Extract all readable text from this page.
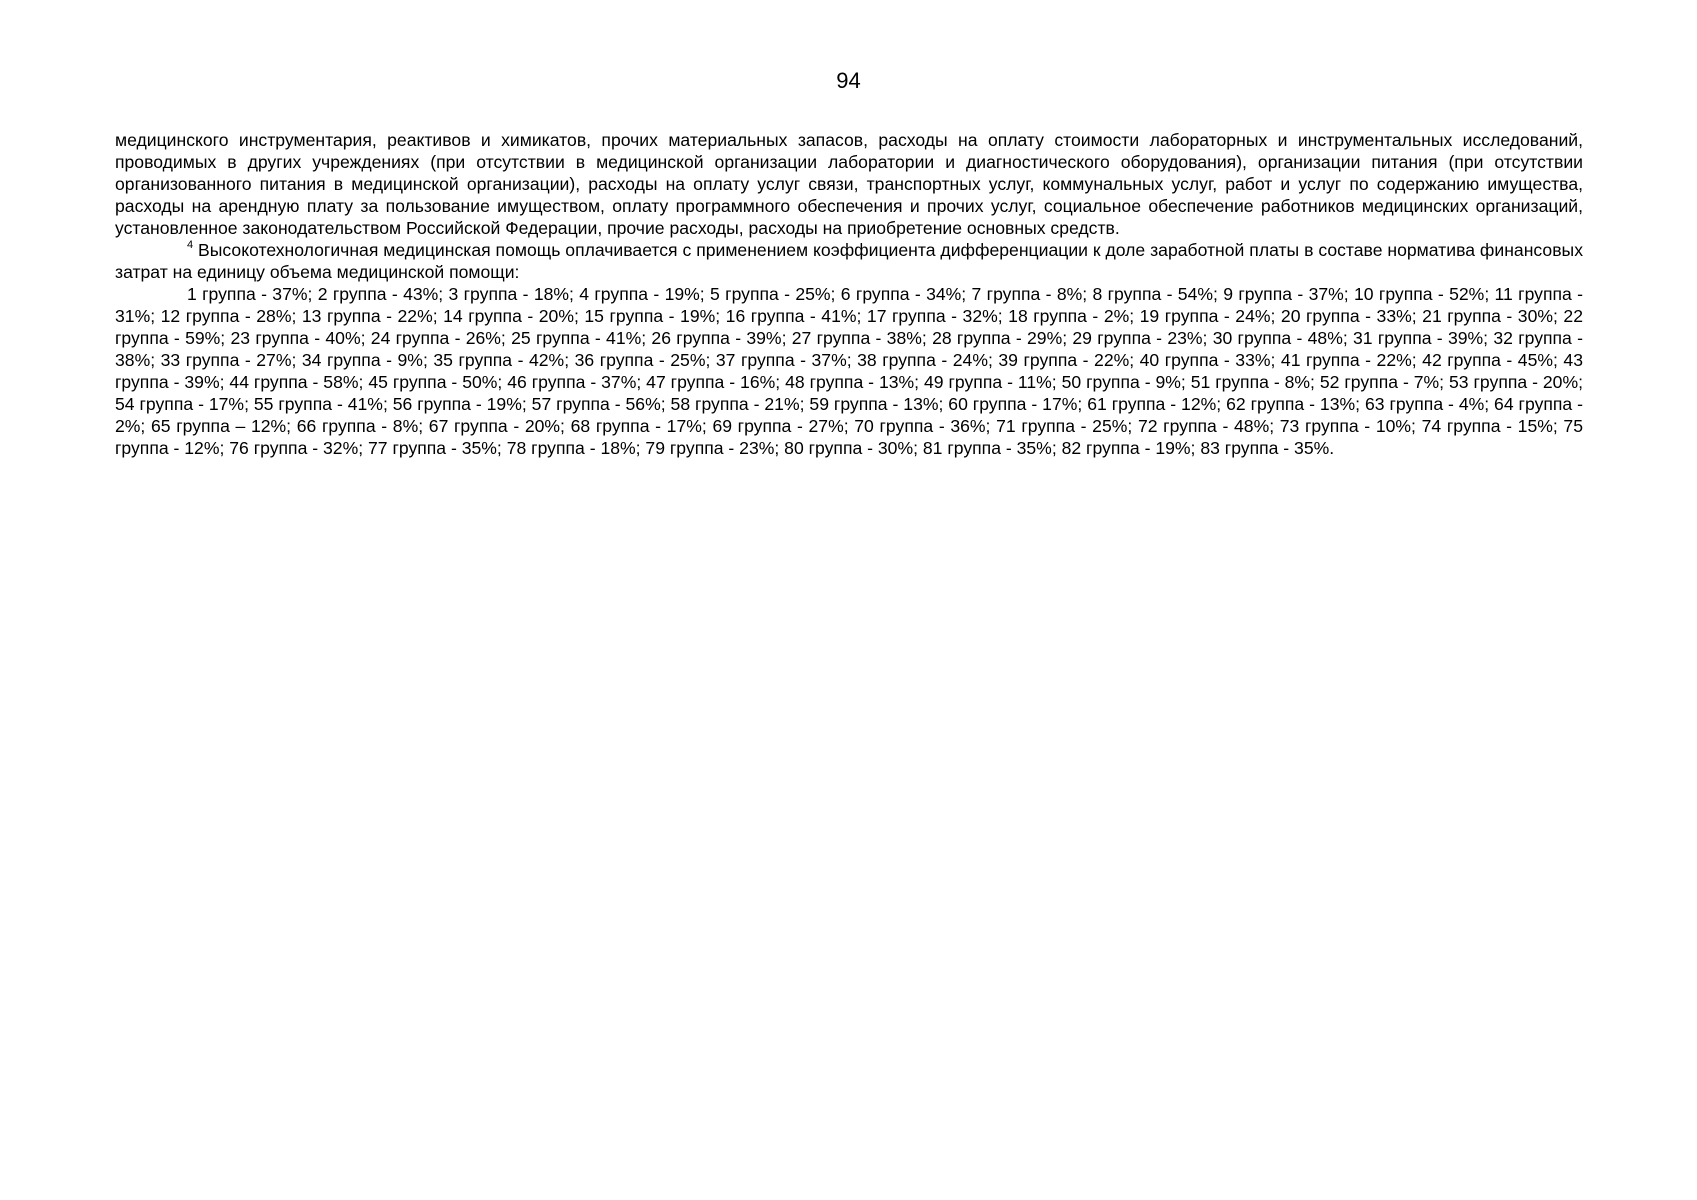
94

медицинского инструментария, реактивов и химикатов, прочих материальных запасов, расходы на оплату стоимости лабораторных и инструментальных исследований, проводимых в других учреждениях (при отсутствии в медицинской организации лаборатории и диагностического оборудования), организации питания (при отсутствии организованного питания в медицинской организации), расходы на оплату услуг связи, транспортных услуг, коммунальных услуг, работ и услуг по содержанию имущества, расходы на арендную плату за пользование имуществом, оплату программного обеспечения и прочих услуг, социальное обеспечение работников медицинских организаций, установленное законодательством Российской Федерации, прочие расходы, расходы на приобретение основных средств.

$^4$ Высокотехнологичная медицинская помощь оплачивается с применением коэффициента дифференциации к доле заработной платы в составе норматива финансовых затрат на единицу объема медицинской помощи:

1 группа - 37%; 2 группа - 43%; 3 группа - 18%; 4 группа - 19%; 5 группа - 25%; 6 группа - 34%; 7 группа - 8%; 8 группа - 54%; 9 группа - 37%; 10 группа - 52%; 11 группа - 31%; 12 группа - 28%; 13 группа - 22%; 14 группа - 20%; 15 группа - 19%; 16 группа - 41%; 17 группа - 32%; 18 группа - 2%; 19 группа - 24%; 20 группа - 33%; 21 группа - 30%; 22 группа - 59%; 23 группа - 40%; 24 группа - 26%; 25 группа - 41%; 26 группа - 39%; 27 группа - 38%; 28 группа - 29%; 29 группа - 23%; 30 группа - 48%; 31 группа - 39%; 32 группа - 38%; 33 группа - 27%; 34 группа - 9%; 35 группа - 42%; 36 группа - 25%; 37 группа - 37%; 38 группа - 24%; 39 группа - 22%; 40 группа - 33%; 41 группа - 22%; 42 группа - 45%; 43 группа - 39%; 44 группа - 58%; 45 группа - 50%; 46 группа - 37%; 47 группа - 16%; 48 группа - 13%; 49 группа - 11%; 50 группа - 9%; 51 группа - 8%; 52 группа - 7%; 53 группа - 20%; 54 группа - 17%; 55 группа - 41%; 56 группа - 19%; 57 группа - 56%; 58 группа - 21%; 59 группа - 13%; 60 группа - 17%; 61 группа - 12%; 62 группа - 13%; 63 группа - 4%; 64 группа - 2%; 65 группа – 12%; 66 группа - 8%; 67 группа - 20%; 68 группа - 17%; 69 группа - 27%; 70 группа - 36%; 71 группа - 25%; 72 группа - 48%; 73 группа - 10%; 74 группа - 15%; 75 группа - 12%; 76 группа - 32%; 77 группа - 35%; 78 группа - 18%; 79 группа - 23%; 80 группа - 30%; 81 группа - 35%; 82 группа - 19%; 83 группа - 35%.
